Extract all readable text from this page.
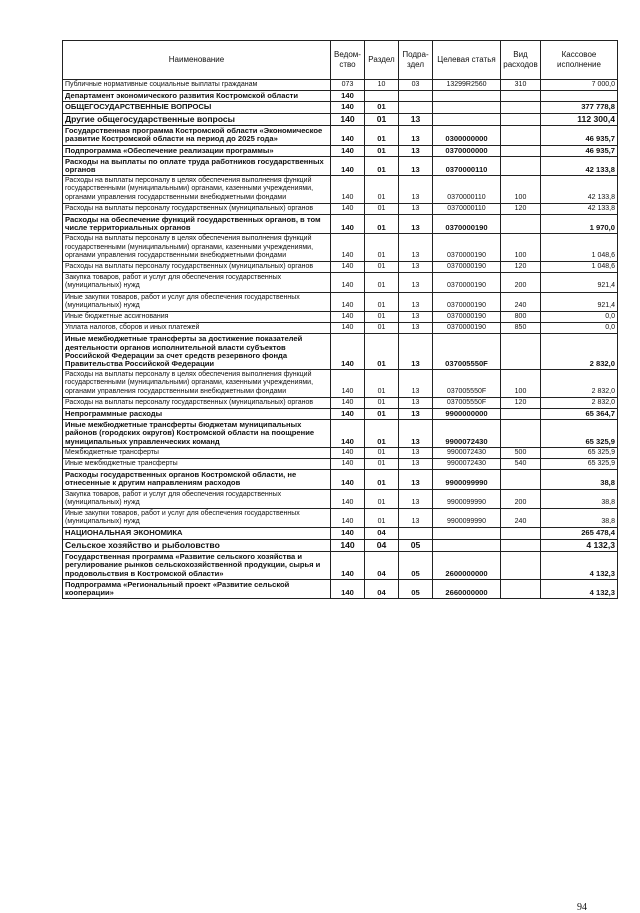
Наименование	Ведом-ство	Раздел	Подра-здел	Целевая статья	Вид расходов	Кассовое исполнение
Публичные нормативные социальные выплаты гражданам	073	10	03	13299R2560	310	7 000,0
Департамент экономического развития Костромской области	140					
ОБЩЕГОСУДАРСТВЕННЫЕ ВОПРОСЫ	140	01				377 778,8
Другие общегосударственные вопросы	140	01	13			112 300,4
Государственная программа Костромской области «Экономическое развитие Костромской области на период до 2025 года»	140	01	13	0300000000		46 935,7
Подпрограмма «Обеспечение реализации программы»	140	01	13	0370000000		46 935,7
Расходы на выплаты по оплате труда работников государственных органов	140	01	13	0370000110		42 133,8
Расходы на выплаты персоналу в целях обеспечения выполнения функций государственными (муниципальными) органами, казенными учреждениями, органами управления государственными внебюджетными фондами	140	01	13	0370000110	100	42 133,8
Расходы на выплаты персоналу государственных (муниципальных) органов	140	01	13	0370000110	120	42 133,8
Расходы на обеспечение функций государственных органов, в том числе территориальных органов	140	01	13	0370000190		1 970,0
Расходы на выплаты персоналу в целях обеспечения выполнения функций государственными (муниципальными) органами, казенными учреждениями, органами управления государственными внебюджетными фондами	140	01	13	0370000190	100	1 048,6
Расходы на выплаты персоналу государственных (муниципальных) органов	140	01	13	0370000190	120	1 048,6
Закупка товаров, работ и услуг для обеспечения государственных (муниципальных) нужд	140	01	13	0370000190	200	921,4
Иные закупки товаров, работ и услуг для обеспечения государственных (муниципальных) нужд	140	01	13	0370000190	240	921,4
Иные бюджетные ассигнования	140	01	13	0370000190	800	0,0
Уплата налогов, сборов и иных платежей	140	01	13	0370000190	850	0,0
Иные межбюджетные трансферты за достижение показателей деятельности органов исполнительной власти субъектов Российской Федерации за счет средств резервного фонда Правительства Российской Федерации	140	01	13	037005550F		2 832,0
Расходы на выплаты персоналу в целях обеспечения выполнения функций государственными (муниципальными) органами, казенными учреждениями, органами управления государственными внебюджетными фондами	140	01	13	037005550F	100	2 832,0
Расходы на выплаты персоналу государственных (муниципальных) органов	140	01	13	037005550F	120	2 832,0
Непрограммные расходы	140	01	13	9900000000		65 364,7
Иные межбюджетные трансферты бюджетам муниципальных районов (городских округов) Костромской области на поощрение муниципальных управленческих команд	140	01	13	9900072430		65 325,9
Межбюджетные трансферты	140	01	13	9900072430	500	65 325,9
Иные межбюджетные трансферты	140	01	13	9900072430	540	65 325,9
Расходы государственных органов Костромской области, не отнесенные к другим направлениям расходов	140	01	13	9900099990		38,8
Закупка товаров, работ и услуг для обеспечения государственных (муниципальных) нужд	140	01	13	9900099990	200	38,8
Иные закупки товаров, работ и услуг для обеспечения государственных (муниципальных) нужд	140	01	13	9900099990	240	38,8
НАЦИОНАЛЬНАЯ ЭКОНОМИКА	140	04				265 478,4
Сельское хозяйство и рыболовство	140	04	05			4 132,3
Государственная программа «Развитие сельского хозяйства и регулирование рынков сельскохозяйственной продукции, сырья и продовольствия в Костромской области»	140	04	05	2600000000		4 132,3
Подпрограмма «Региональный проект «Развитие сельской кооперации»	140	04	05	2660000000		4 132,3
94
